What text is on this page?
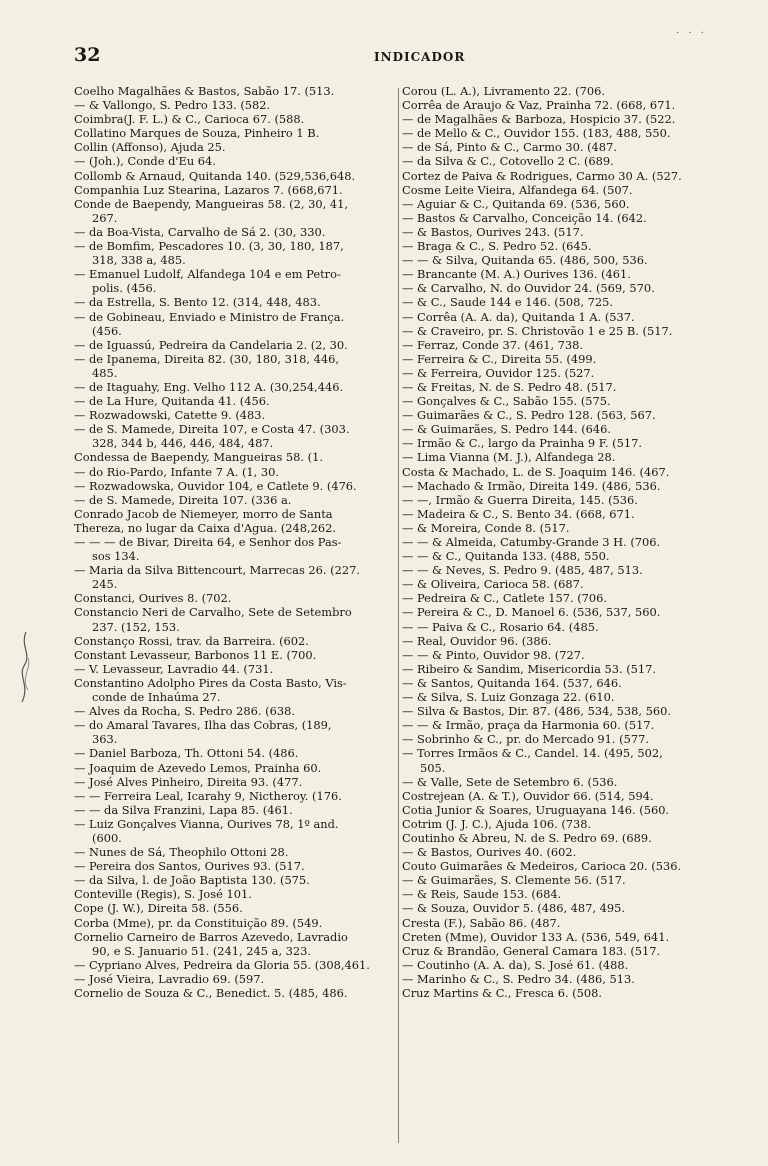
· · ·
32	INDICADOR

Coelho Magalhães & Bastos, Sabão 17. (513.

— & Vallongo, S. Pedro 133. (582.

Coimbra(J. F. L.) & C., Carioca 67. (588.

Collatino Marques de Souza, Pinheiro 1 B.

Collin (Affonso), Ajuda 25.

— (Joh.), Conde d'Eu 64.

Collomb & Arnaud, Quitanda 140. (529,536,648.

Companhia Luz Stearina, Lazaros 7. (668,671.

Conde de Baependy, Mangueiras 58. (2, 30, 41,

267.

— da Boa-Vista, Carvalho de Sá 2. (30, 330.

— de Bomfim, Pescadores 10. (3, 30, 180, 187,

318, 338 a, 485.

— Emanuel Ludolf, Alfandega 104 e em Petro-

polis. (456.

— da Estrella, S. Bento 12. (314, 448, 483.

— de Gobineau, Enviado e Ministro de França.

(456.

— de Iguassú, Pedreira da Candelaria 2. (2, 30.

— de Ipanema, Direita 82. (30, 180, 318, 446,

485.

— de Itaguahy, Eng. Velho 112 A. (30,254,446.

— de La Hure, Quitanda 41. (456.

— Rozwadowski, Catette 9. (483.

— de S. Mamede, Direita 107, e Costa 47. (303.

328, 344 b, 446, 446, 484, 487.

Condessa de Baependy, Mangueiras 58. (1.

— do Rio-Pardo, Infante 7 A. (1, 30.

— Rozwadowska, Ouvidor 104, e Catlete 9. (476.

— de S. Mamede, Direita 107. (336 a.

Conrado Jacob de Niemeyer, morro de Santa

Thereza, no lugar da Caixa d'Agua. (248,262.

— — — de Bivar, Direita 64, e Senhor dos Pas-

sos 134.

— Maria da Silva Bittencourt, Marrecas 26. (227.

245.

Constanci, Ourives 8. (702.

Constancio Neri de Carvalho, Sete de Setembro

237. (152, 153.

Constanço Rossi, trav. da Barreira. (602.

Constant Levasseur, Barbonos 11 E. (700.

— V. Levasseur, Lavradio 44. (731.

Constantino Adolpho Pires da Costa Basto, Vis-

conde de Inhaúma 27.

— Alves da Rocha, S. Pedro 286. (638.

— do Amaral Tavares, Ilha das Cobras, (189,

363.

— Daniel Barboza, Th. Ottoni 54. (486.

— Joaquim de Azevedo Lemos, Prainha 60.

— José Alves Pinheiro, Direita 93. (477.

— — Ferreira Leal, Icarahy 9, Nictheroy. (176.

— — da Silva Franzini, Lapa 85. (461.

— Luiz Gonçalves Vianna, Ourives 78, 1º and.

(600.

— Nunes de Sá, Theophilo Ottoni 28.

— Pereira dos Santos, Ourives 93. (517.

— da Silva, l. de João Baptista 130. (575.

Conteville (Regis), S. José 101.

Cope (J. W.), Direita 58. (556.

Corba (Mme), pr. da Constituição 89. (549.

Cornelio Carneiro de Barros Azevedo, Lavradio

90, e S. Januario 51. (241, 245 a, 323.

— Cypriano Alves, Pedreira da Gloria 55. (308,461.

— José Vieira, Lavradio 69. (597.

Cornelio de Souza & C., Benedict. 5. (485, 486.

Corou (L. A.), Livramento 22. (706.

Corrêa de Araujo & Vaz, Prainha 72. (668, 671.

— de Magalhães & Barboza, Hospicio 37. (522.

— de Mello & C., Ouvidor 155. (183, 488, 550.

— de Sá, Pinto & C., Carmo 30. (487.

— da Silva & C., Cotovello 2 C. (689.

Cortez de Paiva & Rodrigues, Carmo 30 A. (527.

Cosme Leite Vieira, Alfandega 64. (507.

— Aguiar & C., Quitanda 69. (536, 560.

— Bastos & Carvalho, Conceição 14. (642.

— & Bastos, Ourives 243. (517.

— Braga & C., S. Pedro 52. (645.

— — & Silva, Quitanda 65. (486, 500, 536.

— Brancante (M. A.) Ourives 136. (461.

— & Carvalho, N. do Ouvidor 24. (569, 570.

— & C., Saude 144 e 146. (508, 725.

— Corrêa (A. A. da), Quitanda 1 A. (537.

— & Craveiro, pr. S. Christovão 1 e 25 B. (517.

— Ferraz, Conde 37. (461, 738.

— Ferreira & C., Direita 55. (499.

— & Ferreira, Ouvidor 125. (527.

— & Freitas, N. de S. Pedro 48. (517.

— Gonçalves & C., Sabão 155. (575.

— Guimarães & C., S. Pedro 128. (563, 567.

— & Guimarães, S. Pedro 144. (646.

— Irmão & C., largo da Prainha 9 F. (517.

— Lima Vianna (M. J.), Alfandega 28.

Costa & Machado, L. de S. Joaquim 146. (467.

— Machado & Irmão, Direita 149. (486, 536.

— —, Irmão & Guerra Direita, 145. (536.

— Madeira & C., S. Bento 34. (668, 671.

— & Moreira, Conde 8. (517.

— — & Almeida, Catumby-Grande 3 H. (706.

— — & C., Quitanda 133. (488, 550.

— — & Neves, S. Pedro 9. (485, 487, 513.

— & Oliveira, Carioca 58. (687.

— Pedreira & C., Catlete 157. (706.

— Pereira & C., D. Manoel 6. (536, 537, 560.

— — Paiva & C., Rosario 64. (485.

— Real, Ouvidor 96. (386.

— — & Pinto, Ouvidor 98. (727.

— Ribeiro & Sandim, Misericordia 53. (517.

— & Santos, Quitanda 164. (537, 646.

— & Silva, S. Luiz Gonzaga 22. (610.

— Silva & Bastos, Dir. 87. (486, 534, 538, 560.

— — & Irmão, praça da Harmonia 60. (517.

— Sobrinho & C., pr. do Mercado 91. (577.

— Torres Irmãos & C., Candel. 14. (495, 502,

505.

— & Valle, Sete de Setembro 6. (536.

Costrejean (A. & T.), Ouvidor 66. (514, 594.

Cotia Junior & Soares, Uruguayana 146. (560.

Cotrim (J. J. C.), Ajuda 106. (738.

Coutinho & Abreu, N. de S. Pedro 69. (689.

— & Bastos, Ourives 40. (602.

Couto Guimarães & Medeiros, Carioca 20. (536.

— & Guimarães, S. Clemente 56. (517.

— & Reis, Saude 153. (684.

— & Souza, Ouvidor 5. (486, 487, 495.

Cresta (F.), Sabão 86. (487.

Creten (Mme), Ouvidor 133 A. (536, 549, 641.

Cruz & Brandão, General Camara 183. (517.

— Coutinho (A. A. da), S. José 61. (488.

— Marinho & C., S. Pedro 34. (486, 513.

Cruz Martins & C., Fresca 6. (508.
